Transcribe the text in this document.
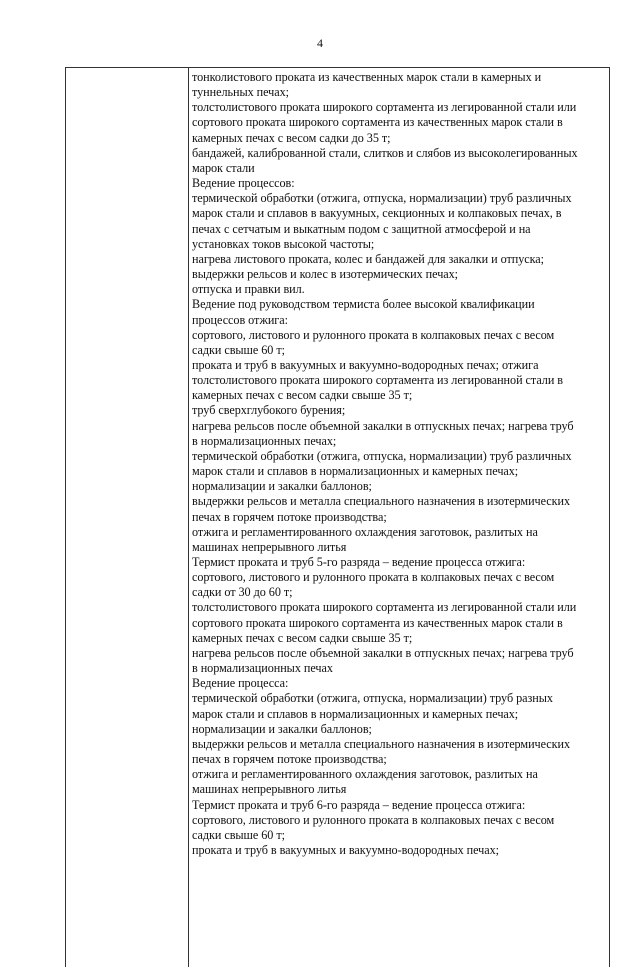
4
тонколистового проката из качественных марок стали в камерных и
туннельных печах;
толстолистового проката широкого сортамента из легированной стали или
сортового проката широкого сортамента из качественных марок стали в
камерных печах с весом садки до 35 т;
бандажей, калиброванной стали, слитков и слябов из высоколегированных
марок стали
Ведение процессов:
термической обработки (отжига, отпуска, нормализации) труб различных
марок стали и сплавов в вакуумных, секционных и колпаковых печах, в
печах с сетчатым и выкатным подом с защитной атмосферой и на
установках токов высокой частоты;
нагрева листового проката, колес и бандажей для закалки и отпуска;
выдержки рельсов и колес в изотермических печах;
отпуска и правки вил.
Ведение под руководством термиста более высокой квалификации
процессов отжига:
сортового, листового и рулонного проката в колпаковых печах с весом
садки свыше 60 т;
проката и труб в вакуумных и вакуумно-водородных печах; отжига
толстолистового проката широкого сортамента из легированной стали в
камерных печах с весом садки свыше 35 т;
труб сверхглубокого бурения;
нагрева рельсов после объемной закалки в отпускных печах; нагрева труб
в нормализационных печах;
термической обработки (отжига, отпуска, нормализации) труб различных
марок стали и сплавов в нормализационных и камерных печах;
нормализации и закалки баллонов;
выдержки рельсов и металла специального назначения в изотермических
печах в горячем потоке производства;
отжига и регламентированного охлаждения заготовок, разлитых на
машинах непрерывного литья
Термист проката и труб 5-го разряда – ведение процесса отжига:
сортового, листового и рулонного проката в колпаковых печах с весом
садки от 30 до 60 т;
толстолистового проката широкого сортамента из легированной стали или
сортового проката широкого сортамента из качественных марок стали в
камерных печах с весом садки свыше 35 т;
нагрева рельсов после объемной закалки в отпускных печах; нагрева труб
в нормализационных печах
Ведение процесса:
термической обработки (отжига, отпуска, нормализации) труб разных
марок стали и сплавов в нормализационных и камерных печах;
нормализации и закалки баллонов;
выдержки рельсов и металла специального назначения в изотермических
печах в горячем потоке производства;
отжига и регламентированного охлаждения заготовок, разлитых на
машинах непрерывного литья
Термист проката и труб 6-го разряда – ведение процесса отжига:
сортового, листового и рулонного проката в колпаковых печах с весом
садки свыше 60 т;
проката и труб в вакуумных и вакуумно-водородных печах;
